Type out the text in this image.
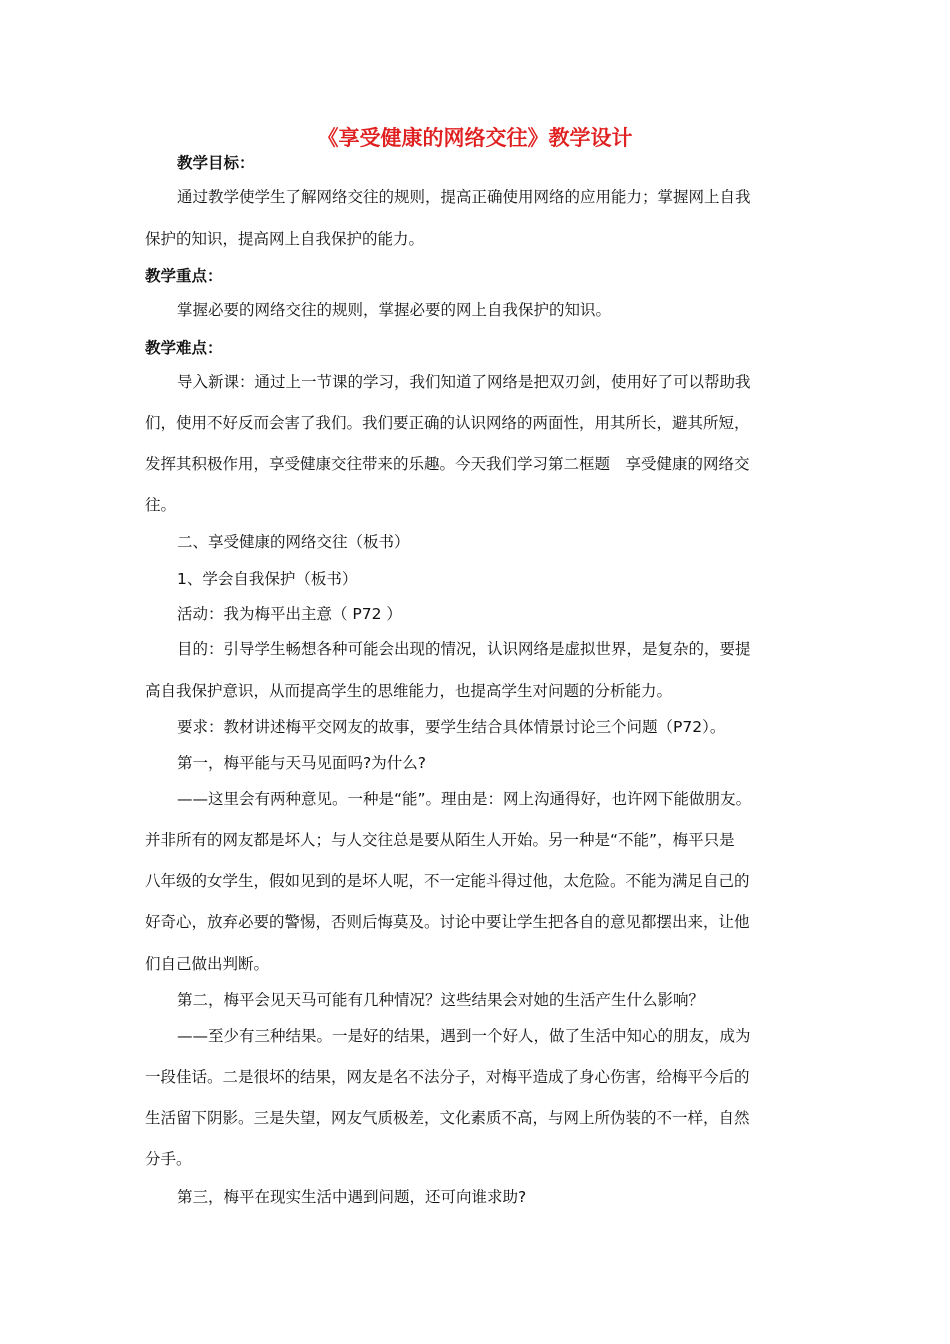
《享受健康的网络交往》教学设计
教学目标：
通过教学使学生了解网络交往的规则，提高正确使用网络的应用能力；掌握网上自我
保护的知识，提高网上自我保护的能力。
教学重点：
掌握必要的网络交往的规则，掌握必要的网上自我保护的知识。
教学难点：
导入新课：通过上一节课的学习，我们知道了网络是把双刃剑，使用好了可以帮助我
们，使用不好反而会害了我们。我们要正确的认识网络的两面性，用其所长，避其所短，
发挥其积极作用，享受健康交往带来的乐趣。今天我们学习第二框题　享受健康的网络交
往。
二、享受健康的网络交往（板书）
1、学会自我保护（板书）
活动：我为梅平出主意（ P72 ）
目的：引导学生畅想各种可能会出现的情况，认识网络是虚拟世界，是复杂的，要提
高自我保护意识，从而提高学生的思维能力，也提高学生对问题的分析能力。
要求：教材讲述梅平交网友的故事，要学生结合具体情景讨论三个问题（P72）。
第一，梅平能与天马见面吗?为什么?
——这里会有两种意见。一种是“能”。理由是：网上沟通得好，也许网下能做朋友。
并非所有的网友都是坏人；与人交往总是要从陌生人开始。另一种是“不能”，梅平只是
八年级的女学生，假如见到的是坏人呢，不一定能斗得过他，太危险。不能为满足自己的
好奇心，放弃必要的警惕，否则后悔莫及。讨论中要让学生把各自的意见都摆出来，让他
们自己做出判断。
第二，梅平会见天马可能有几种情况？这些结果会对她的生活产生什么影响？
——至少有三种结果。一是好的结果，遇到一个好人，做了生活中知心的朋友，成为
一段佳话。二是很坏的结果，网友是名不法分子，对梅平造成了身心伤害，给梅平今后的
生活留下阴影。三是失望，网友气质极差，文化素质不高，与网上所伪装的不一样，自然
分手。
第三，梅平在现实生活中遇到问题，还可向谁求助?
